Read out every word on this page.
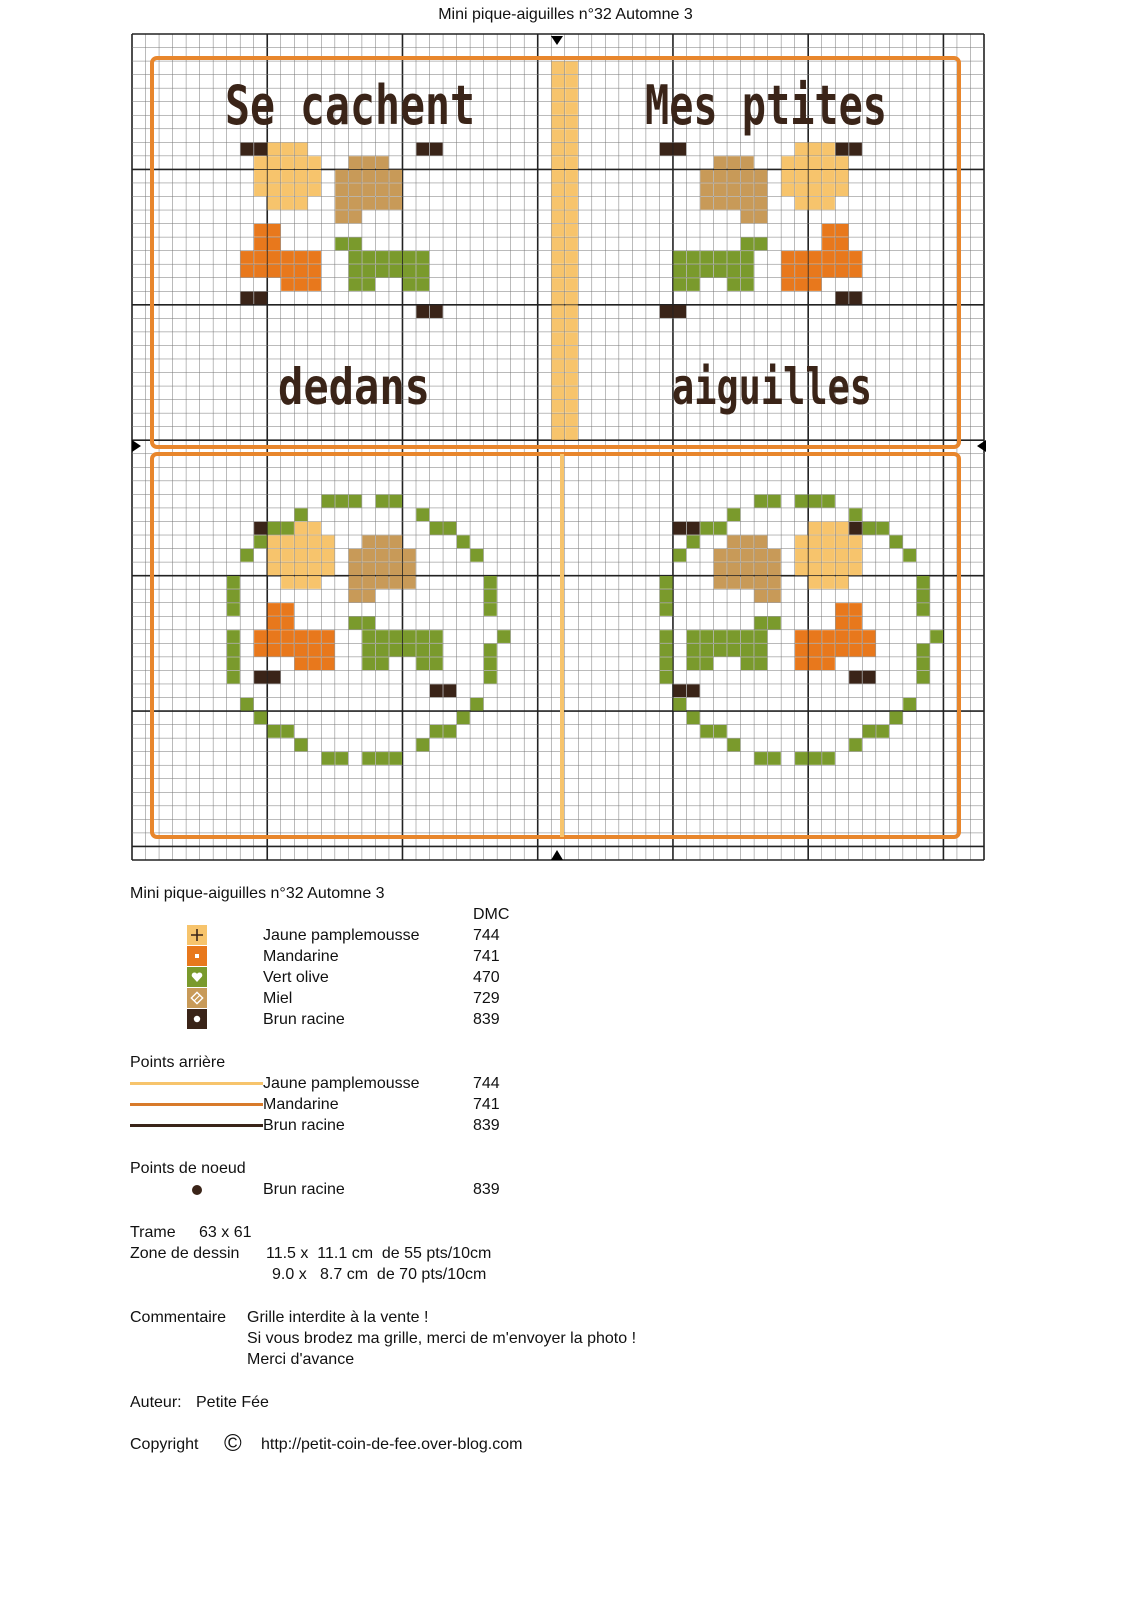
Mini pique-aiguilles n°32 Automne 3
Se cachent	Mes ptites
dedans	aiguilles
Mini pique-aiguilles n°32 Automne 3
DMC
Jaune pamplemousse	744
Mandarine	741
Vert olive	470
Miel	729
Brun racine	839
Points arrière
Jaune pamplemousse	744
Mandarine	741
Brun racine	839
Points de noeud
Brun racine	839
Trame 63 x 61
Zone de dessin 11.5 x  11.1 cm  de 55 pts/10cm
9.0 x   8.7 cm  de 70 pts/10cm
Commentaire Grille interdite à la vente !
Si vous brodez ma grille, merci de m'envoyer la photo !
Merci d'avance
Auteur: Petite Fée
Copyright © http://petit-coin-de-fee.over-blog.com
